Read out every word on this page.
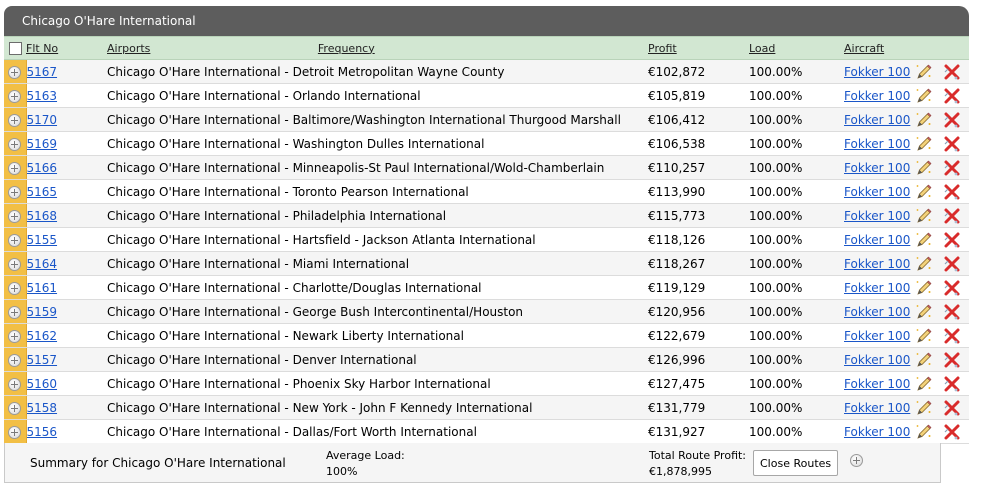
Chicago O'Hare International
	Flt No	Airports Frequency	Profit	Load	Aircraft	
	5167	Chicago O'Hare International - Detroit Metropolitan Wayne County	€102,872	100.00%	Fokker 100	
	5163	Chicago O'Hare International - Orlando International	€105,819	100.00%	Fokker 100	
	5170	Chicago O'Hare International - Baltimore/Washington International Thurgood Marshall	€106,412	100.00%	Fokker 100	
	5169	Chicago O'Hare International - Washington Dulles International	€106,538	100.00%	Fokker 100	
	5166	Chicago O'Hare International - Minneapolis-St Paul International/Wold-Chamberlain	€110,257	100.00%	Fokker 100	
	5165	Chicago O'Hare International - Toronto Pearson International	€113,990	100.00%	Fokker 100	
	5168	Chicago O'Hare International - Philadelphia International	€115,773	100.00%	Fokker 100	
	5155	Chicago O'Hare International - Hartsfield - Jackson Atlanta International	€118,126	100.00%	Fokker 100	
	5164	Chicago O'Hare International - Miami International	€118,267	100.00%	Fokker 100	
	5161	Chicago O'Hare International - Charlotte/Douglas International	€119,129	100.00%	Fokker 100	
	5159	Chicago O'Hare International - George Bush Intercontinental/Houston	€120,956	100.00%	Fokker 100	
	5162	Chicago O'Hare International - Newark Liberty International	€122,679	100.00%	Fokker 100	
	5157	Chicago O'Hare International - Denver International	€126,996	100.00%	Fokker 100	
	5160	Chicago O'Hare International - Phoenix Sky Harbor International	€127,475	100.00%	Fokker 100	
	5158	Chicago O'Hare International - New York - John F Kennedy International	€131,779	100.00%	Fokker 100	
	5156	Chicago O'Hare International - Dallas/Fort Worth International	€131,927	100.00%	Fokker 100	
Summary for Chicago O'Hare International
Average Load:
100%
Total Route Profit:
€1,878,995
Close Routes
